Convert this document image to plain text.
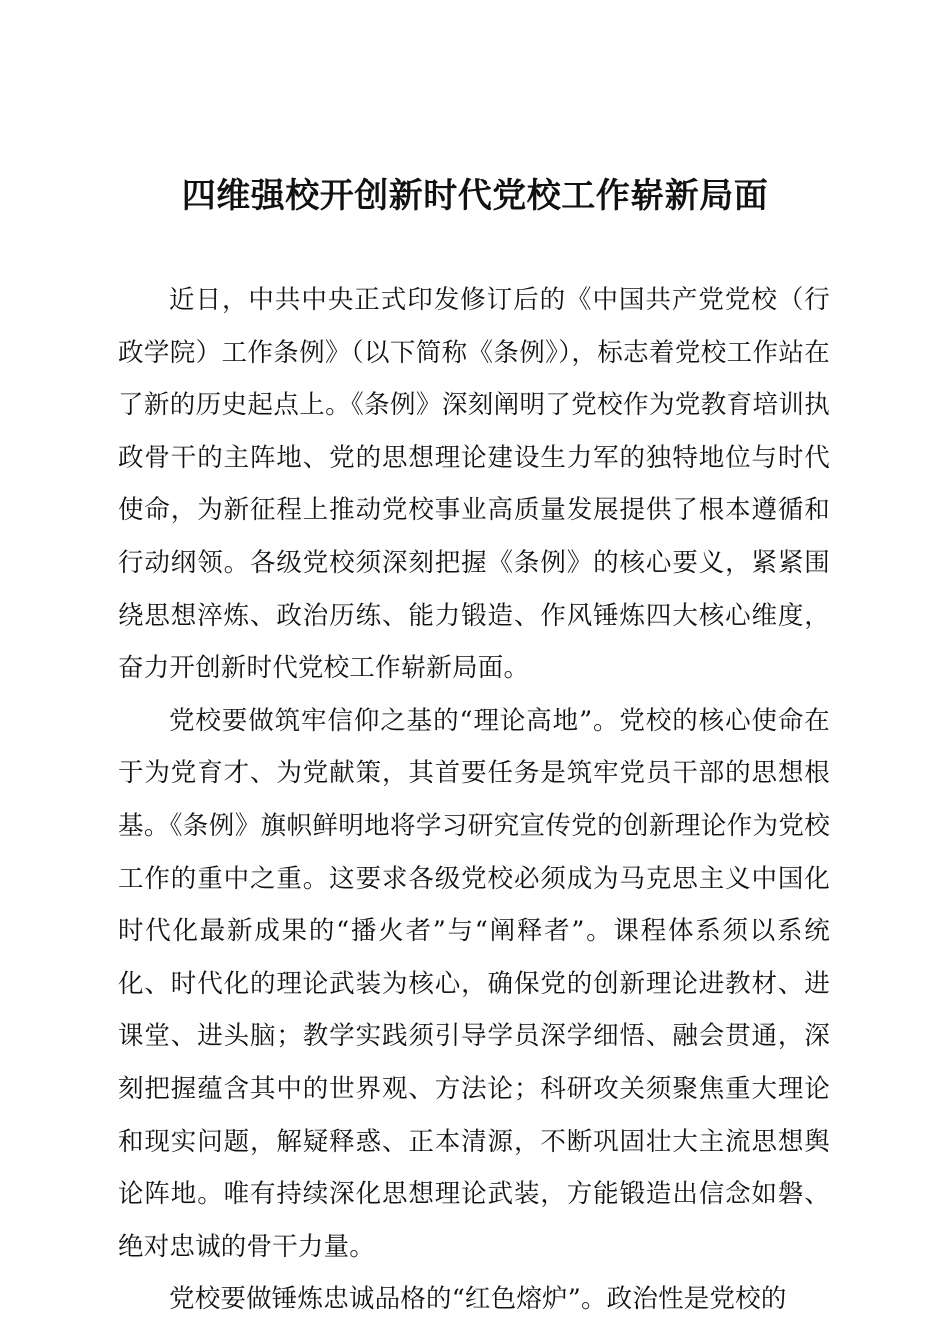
四维强校开创新时代党校工作崭新局面

近日，中共中央正式印发修订后的《中国共产党党校（行政学院）工作条例》（以下简称《条例》），标志着党校工作站在了新的历史起点上。《条例》深刻阐明了党校作为党教育培训执政骨干的主阵地、党的思想理论建设生力军的独特地位与时代使命，为新征程上推动党校事业高质量发展提供了根本遵循和行动纲领。各级党校须深刻把握《条例》的核心要义，紧紧围绕思想淬炼、政治历练、能力锻造、作风锤炼四大核心维度，奋力开创新时代党校工作崭新局面。

党校要做筑牢信仰之基的“理论高地”。党校的核心使命在于为党育才、为党献策，其首要任务是筑牢党员干部的思想根基。《条例》旗帜鲜明地将学习研究宣传党的创新理论作为党校工作的重中之重。这要求各级党校必须成为马克思主义中国化时代化最新成果的“播火者”与“阐释者”。课程体系须以系统化、时代化的理论武装为核心，确保党的创新理论进教材、进课堂、进头脑；教学实践须引导学员深学细悟、融会贯通，深刻把握蕴含其中的世界观、方法论；科研攻关须聚焦重大理论和现实问题，解疑释惑、正本清源，不断巩固壮大主流思想舆论阵地。唯有持续深化思想理论武装，方能锻造出信念如磐、绝对忠诚的骨干力量。

党校要做锤炼忠诚品格的“红色熔炉”。政治性是党校的
